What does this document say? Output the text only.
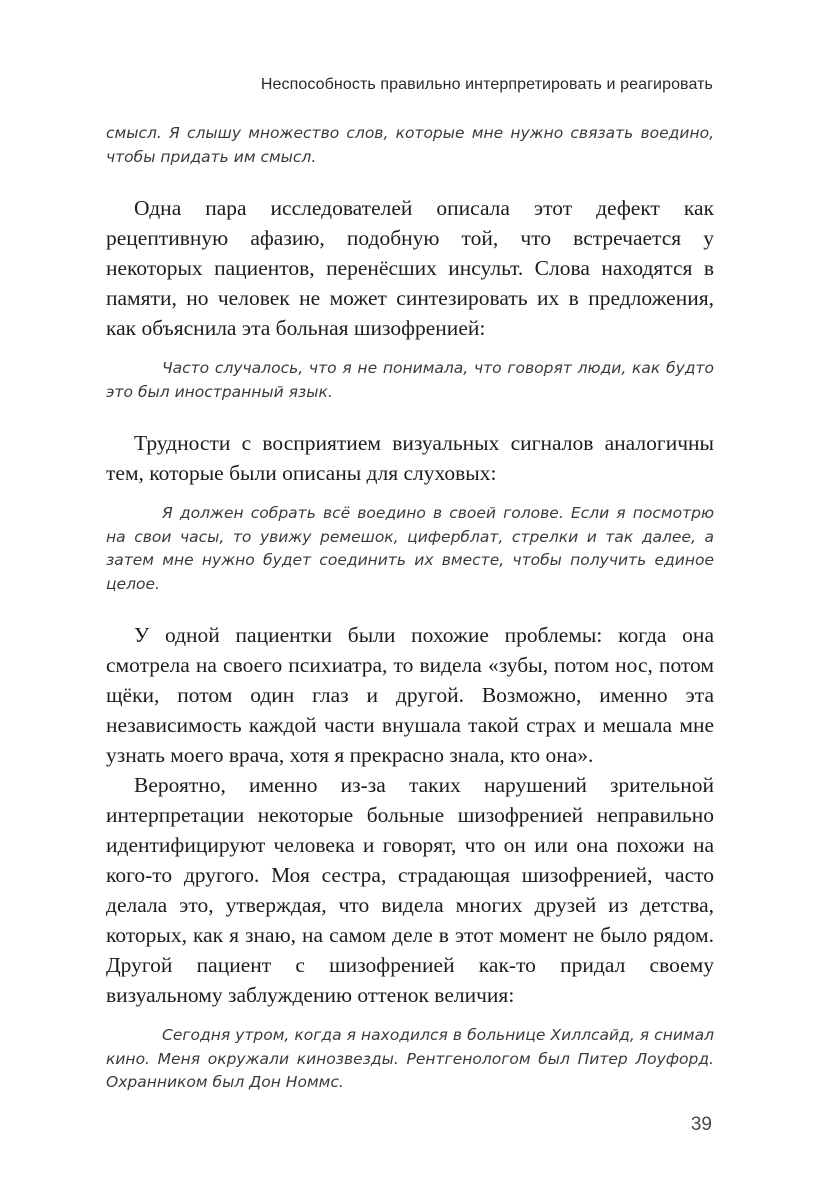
Неспособность правильно интерпретировать и реагировать

смысл. Я слышу множество слов, которые мне нужно связать воедино, чтобы придать им смысл.

Одна пара исследователей описала этот дефект как рецептивную афазию, подобную той, что встречается у некоторых пациентов, перенёсших инсульт. Слова находятся в памяти, но человек не может синтезировать их в предложения, как объяснила эта больная шизофренией:

Часто случалось, что я не понимала, что говорят люди, как будто это был иностранный язык.

Трудности с восприятием визуальных сигналов аналогичны тем, которые были описаны для слуховых:

Я должен собрать всё воедино в своей голове. Если я посмотрю на свои часы, то увижу ремешок, циферблат, стрелки и так далее, а затем мне нужно будет соединить их вместе, чтобы получить единое целое.

У одной пациентки были похожие проблемы: когда она смотрела на своего психиатра, то видела «зубы, потом нос, потом щёки, потом один глаз и другой. Возможно, именно эта независимость каждой части внушала такой страх и мешала мне узнать моего врача, хотя я прекрасно знала, кто она».

Вероятно, именно из-за таких нарушений зрительной интерпретации некоторые больные шизофренией неправильно идентифицируют человека и говорят, что он или она похожи на кого-то другого. Моя сестра, страдающая шизофренией, часто делала это, утверждая, что видела многих друзей из детства, которых, как я знаю, на самом деле в этот момент не было рядом. Другой пациент с шизофренией как-то придал своему визуальному заблуждению оттенок величия:

Сегодня утром, когда я находился в больнице Хиллсайд, я снимал кино. Меня окружали кинозвезды. Рентгенологом был Питер Лоуфорд. Охранником был Дон Номмс.

39
